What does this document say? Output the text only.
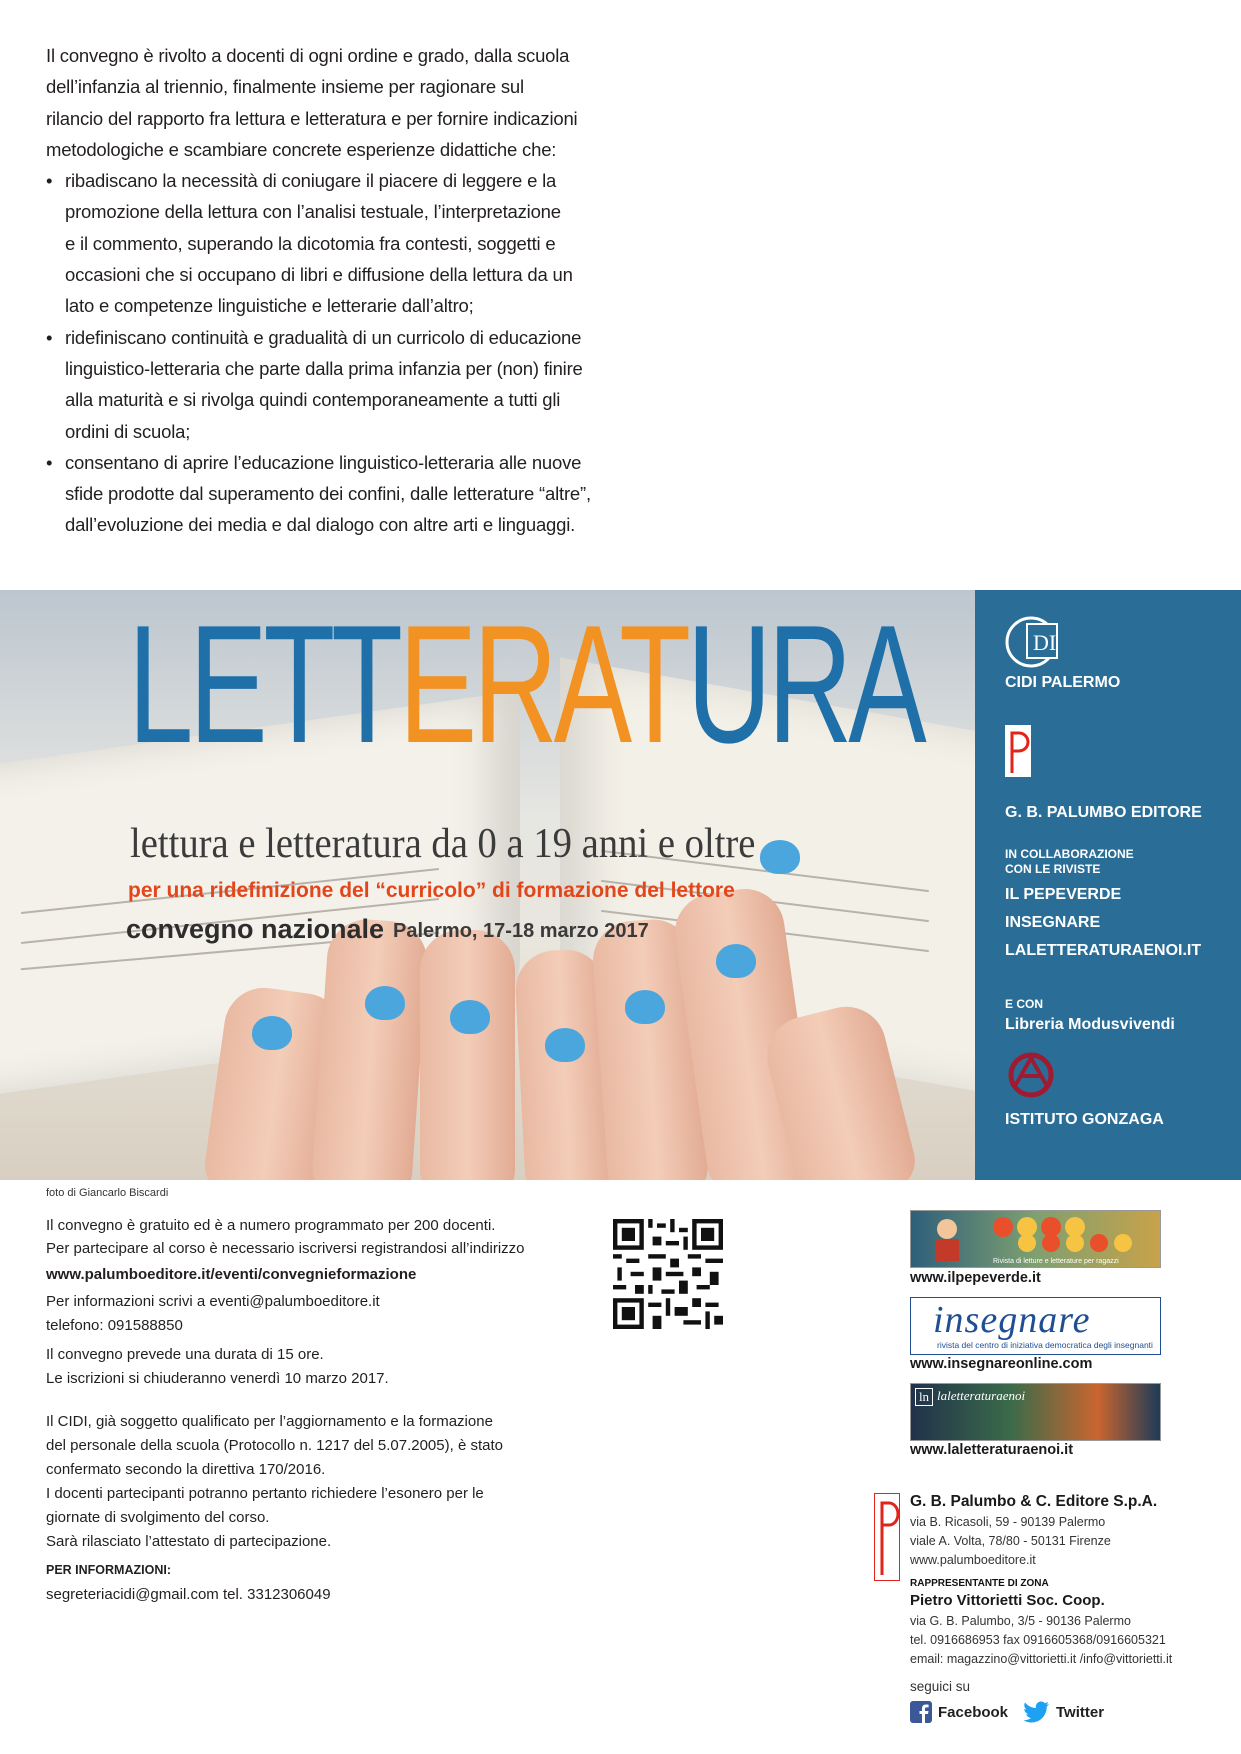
Il convegno è rivolto a docenti di ogni ordine e grado, dalla scuola

dell’infanzia al triennio, finalmente insieme per ragionare sul

rilancio del rapporto fra lettura e letteratura e per fornire indicazioni

metodologiche e scambiare concrete esperienze didattiche che:

• ribadiscano la necessità di coniugare il piacere di leggere e la
promozione della lettura con l’analisi testuale, l’interpretazione
e il commento, superando la dicotomia fra contesti, soggetti e
occasioni che si occupano di libri e diffusione della lettura da un
lato e competenze linguistiche e letterarie dall’altro;
• ridefiniscano continuità e gradualità di un curricolo di educazione
linguistico-letteraria che parte dalla prima infanzia per (non) finire
alla maturità e si rivolga quindi contemporaneamente a tutti gli
ordini di scuola;
• consentano di aprire l’educazione linguistico-letteraria alle nuove
sfide prodotte dal superamento dei confini, dalle letterature “altre”,
dall’evoluzione dei media e dal dialogo con altre arti e linguaggi.
LETTERATURA
lettura e letteratura da 0 a 19 anni e oltre
per una ridefinizione del “curricolo” di formazione del lettore
convegno nazionale Palermo, 17-18 marzo 2017
DI
CIDI PALERMO
G. B. PALUMBO EDITORE
IN COLLABORAZIONE
CON LE RIVISTE
IL PEPEVERDE
INSEGNARE
LALETTERATURAENOI.IT
E CON
Libreria Modusvivendi
ISTITUTO GONZAGA
foto di Giancarlo Biscardi
Il convegno è gratuito ed è a numero programmato per 200 docenti.
Per partecipare al corso è necessario iscriversi registrandosi all’indirizzo
www.palumboeditore.it/eventi/convegnieformazione
Per informazioni scrivi a eventi@palumboeditore.it
telefono: 091588850
Il convegno prevede una durata di 15 ore.
Le iscrizioni si chiuderanno venerdì 10 marzo 2017.
Il CIDI, già soggetto qualificato per l’aggiornamento e la formazione
del personale della scuola (Protocollo n. 1217 del 5.07.2005), è stato
confermato secondo la direttiva 170/2016.
I docenti partecipanti potranno pertanto richiedere l’esonero per le
giornate di svolgimento del corso.
Sarà rilasciato l’attestato di partecipazione.
PER INFORMAZIONI:
segreteriacidi@gmail.com tel. 3312306049
Rivista di letture e letterature per ragazzi
www.ilpepeverde.it
insegnare
rivista del centro di iniziativa democratica degli insegnanti
www.insegnareonline.com
ln laletteraturaenoi
www.laletteraturaenoi.it
G. B. Palumbo & C. Editore S.p.A.
via B. Ricasoli, 59 - 90139 Palermo
viale A. Volta, 78/80 - 50131 Firenze
www.palumboeditore.it
RAPPRESENTANTE DI ZONA
Pietro Vittorietti Soc. Coop.
via G. B. Palumbo, 3/5 - 90136 Palermo
tel. 0916686953 fax 0916605368/0916605321
email: magazzino@vittorietti.it /info@vittorietti.it
seguici su
Facebook	Twitter
